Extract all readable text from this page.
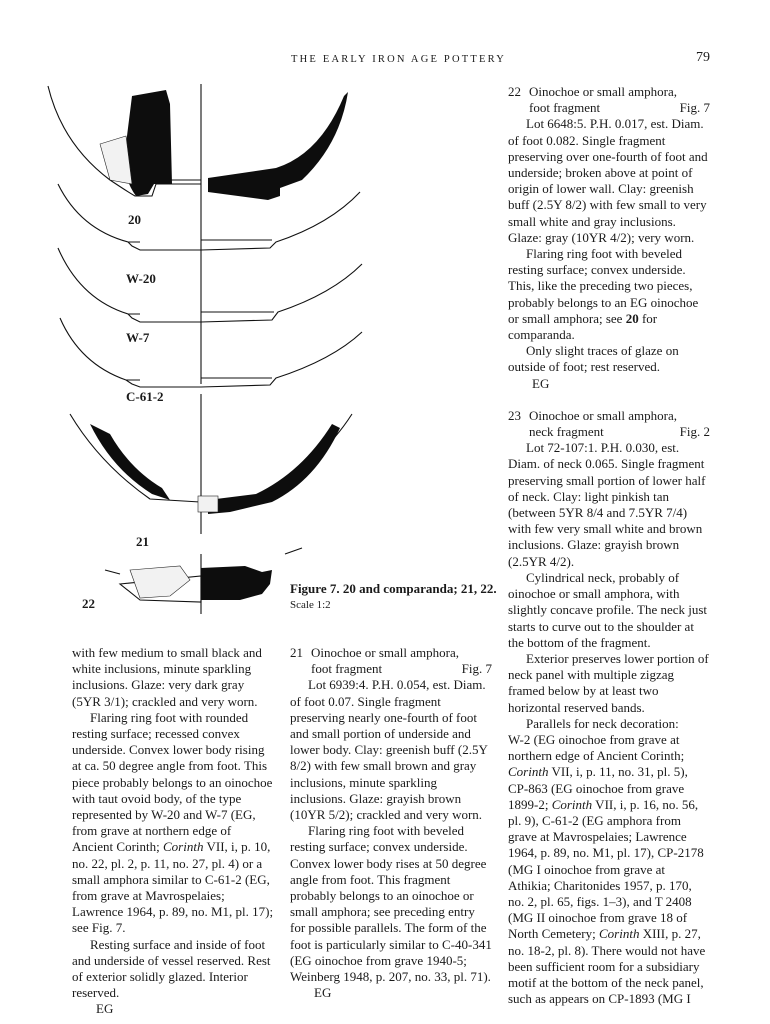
THE EARLY IRON AGE POTTERY	79
20
W-20
W-7
C-61-2
21
22
Figure 7. 20 and comparanda; 21, 22.
Scale 1:2

with few medium to small black and white inclusions, minute sparkling inclusions. Glaze: very dark gray (5YR 3/1); crackled and very worn.

Flaring ring foot with rounded resting surface; recessed convex underside. Convex lower body rising at ca. 50 degree angle from foot. This piece probably belongs to an oinochoe with taut ovoid body, of the type represented by W-20 and W-7 (EG, from grave at northern edge of Ancient Corinth; Corinth VII, i, p. 10, no. 22, pl. 2, p. 11, no. 27, pl. 4) or a small amphora similar to C-61-2 (EG, from grave at Mavrospelaies; Lawrence 1964, p. 89, no. M1, pl. 17); see Fig. 7.

Resting surface and inside of foot and underside of vessel reserved. Rest of exterior solidly glazed. Interior reserved.

EG

21 Oinochoe or small amphora,
foot fragment	Fig. 7

Lot 6939:4. P.H. 0.054, est. Diam. of foot 0.07. Single fragment preserving nearly one-fourth of foot and small portion of underside and lower body. Clay: greenish buff (2.5Y 8/2) with few small brown and gray inclusions, minute sparkling inclusions. Glaze: grayish brown (10YR 5/2); crackled and very worn.

Flaring ring foot with beveled resting surface; convex underside. Convex lower body rises at 50 degree angle from foot. This fragment probably belongs to an oinochoe or small amphora; see preceding entry for possible parallels. The form of the foot is particularly similar to C-40-341 (EG oinochoe from grave 1940-5; Weinberg 1948, p. 207, no. 33, pl. 71).

EG

22 Oinochoe or small amphora,
foot fragment	Fig. 7

Lot 6648:5. P.H. 0.017, est. Diam. of foot 0.082. Single fragment preserving over one-fourth of foot and underside; broken above at point of origin of lower wall. Clay: greenish buff (2.5Y 8/2) with few small to very small white and gray inclusions. Glaze: gray (10YR 4/2); very worn.

Flaring ring foot with beveled resting surface; convex underside. This, like the preceding two pieces, probably belongs to an EG oinochoe or small amphora; see 20 for comparanda.

Only slight traces of glaze on outside of foot; rest reserved.

EG

23 Oinochoe or small amphora,
neck fragment	Fig. 2

Lot 72-107:1. P.H. 0.030, est. Diam. of neck 0.065. Single fragment preserving small portion of lower half of neck. Clay: light pinkish tan (between 5YR 8/4 and 7.5YR 7/4) with few very small white and brown inclusions. Glaze: grayish brown (2.5YR 4/2).

Cylindrical neck, probably of oinochoe or small amphora, with slightly concave profile. The neck just starts to curve out to the shoulder at the bottom of the fragment.

Exterior preserves lower portion of neck panel with multiple zigzag framed below by at least two horizontal reserved bands.

Parallels for neck decoration:

W-2 (EG oinochoe from grave at northern edge of Ancient Corinth; Corinth VII, i, p. 11, no. 31, pl. 5), CP-863 (EG oinochoe from grave 1899-2; Corinth VII, i, p. 16, no. 56, pl. 9), C-61-2 (EG amphora from grave at Mavrospelaies; Lawrence 1964, p. 89, no. M1, pl. 17), CP-2178 (MG I oinochoe from grave at Athikia; Charitonides 1957, p. 170, no. 2, pl. 65, figs. 1–3), and T 2408 (MG II oinochoe from grave 18 of North Cemetery; Corinth XIII, p. 27, no. 18-2, pl. 8). There would not have been sufficient room for a subsidiary motif at the bottom of the neck panel, such as appears on CP-1893 (MG I
